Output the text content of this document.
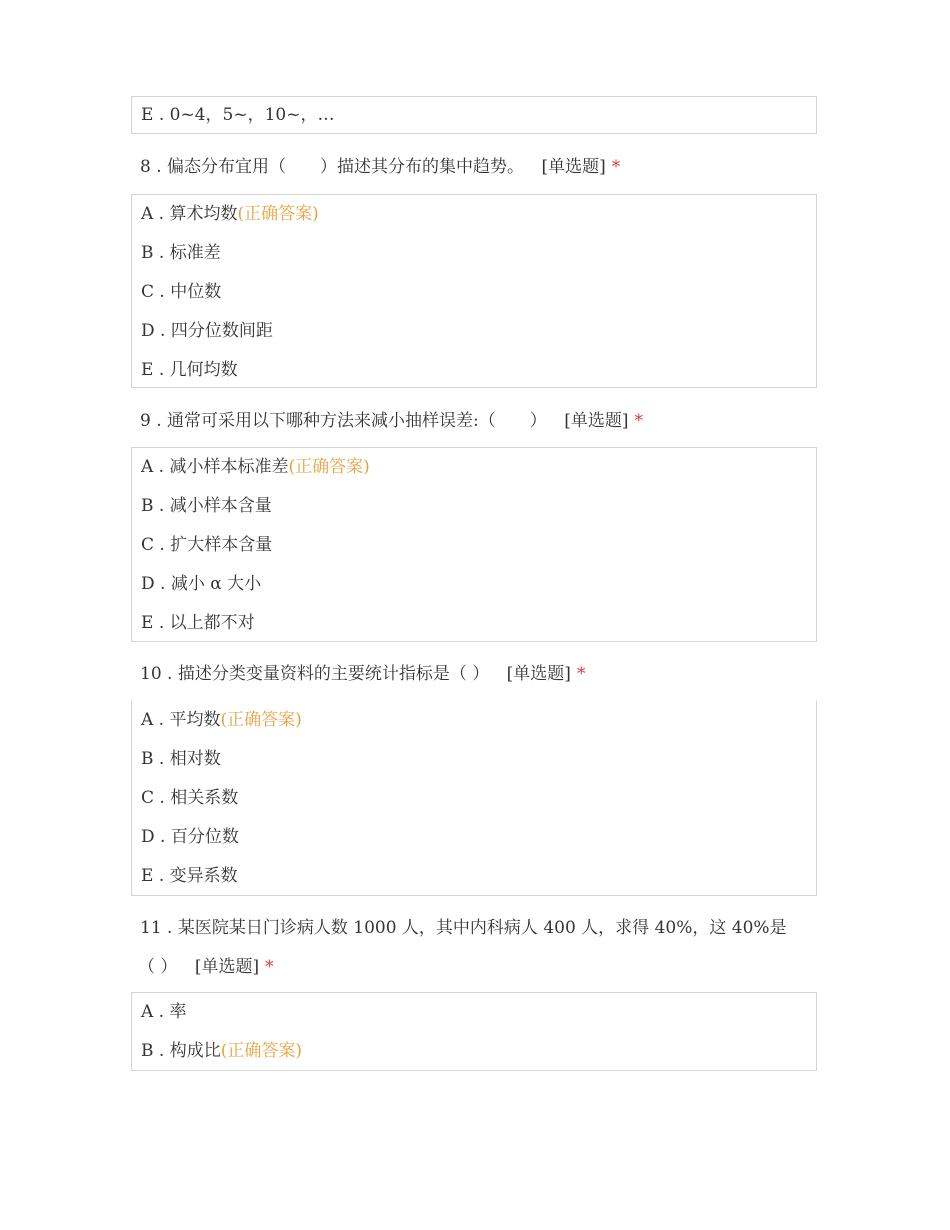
E . 0~4，5~，10~，…
8 . 偏态分布宜用（　　）描述其分布的集中趋势。 [单选题] *
A . 算术均数(正确答案)
B . 标准差
C . 中位数
D . 四分位数间距
E . 几何均数
9 . 通常可采用以下哪种方法来减小抽样误差:（　　） [单选题] *
A . 减小样本标准差(正确答案)
B . 减小样本含量
C . 扩大样本含量
D . 减小 α 大小
E . 以上都不对
10 . 描述分类变量资料的主要统计指标是（ ） [单选题] *
A . 平均数(正确答案)
B . 相对数
C . 相关系数
D . 百分位数
E . 变异系数
11 . 某医院某日门诊病人数 1000 人，其中内科病人 400 人，求得 40%，这 40%是
（ ） [单选题] *
A . 率
B . 构成比(正确答案)
